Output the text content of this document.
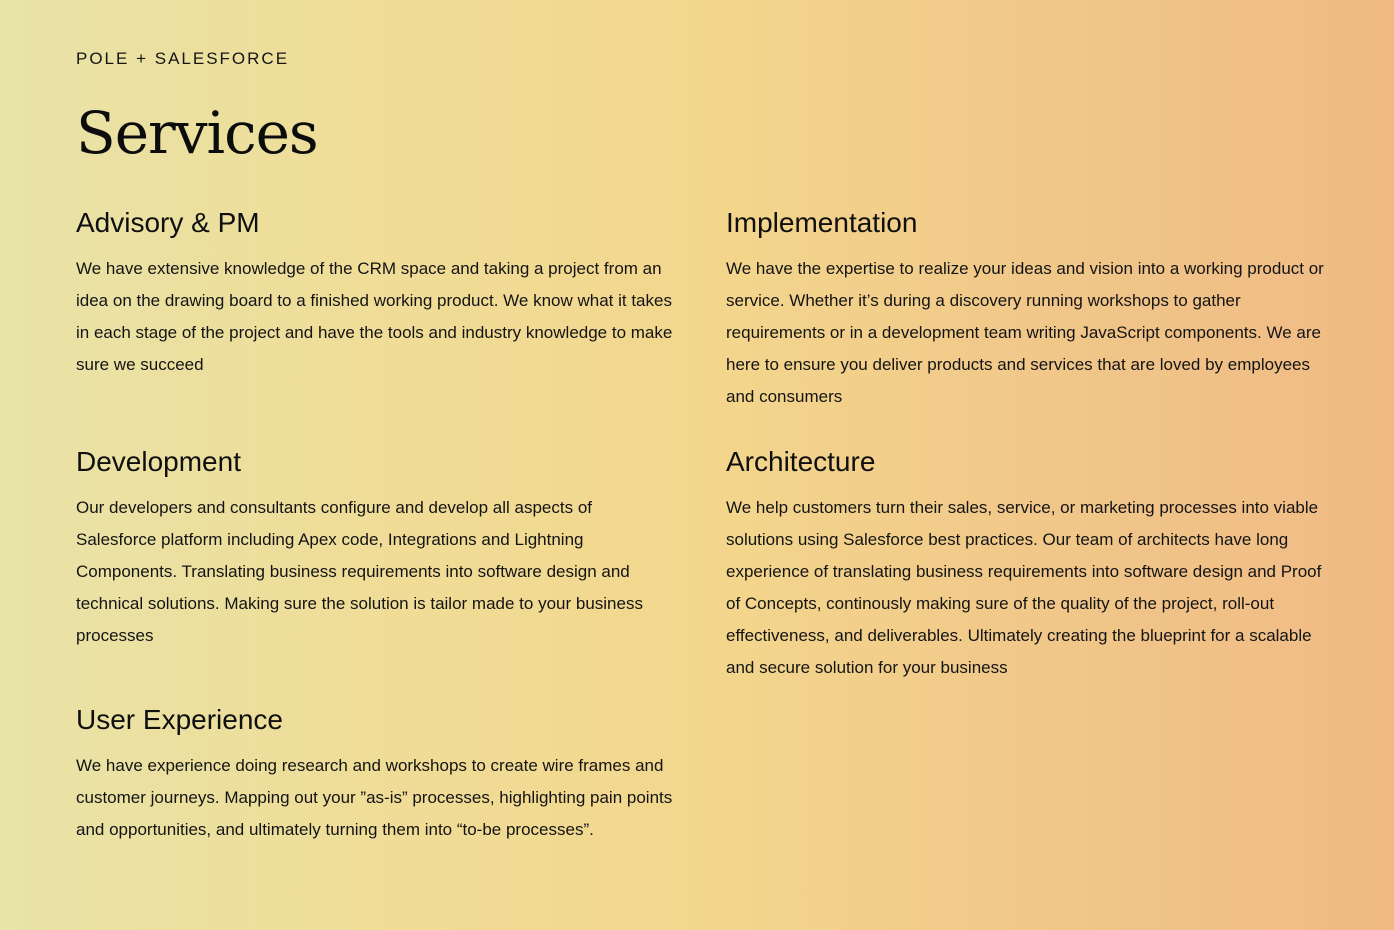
POLE + SALESFORCE

Services
Advisory & PM

We have extensive knowledge of the CRM space and taking a project from an idea on the drawing board to a finished working product. We know what it takes in each stage of the project and have the tools and industry knowledge to make sure we succeed

Implementation

We have the expertise to realize your ideas and vision into a working product or service. Whether it’s during a discovery running workshops to gather requirements or in a development team writing JavaScript components. We are here to ensure you deliver products and services that are loved by employees and consumers

Development

Our developers and consultants configure and develop all aspects of Salesforce platform including Apex code, Integrations and Lightning Components. Translating business requirements into software design and technical solutions. Making sure the solution is tailor made to your business processes

Architecture

We help customers turn their sales, service, or marketing processes into viable solutions using Salesforce best practices. Our team of architects have long experience of translating business requirements into software design and Proof of Concepts, continously making sure of the quality of the project, roll-out effectiveness, and deliverables. Ultimately creating the blueprint for a scalable and secure solution for your business

User Experience

We have experience doing research and workshops to create wire frames and customer journeys. Mapping out your ”as-is” processes, highlighting pain points and opportunities, and ultimately turning them into “to-be processes”.
